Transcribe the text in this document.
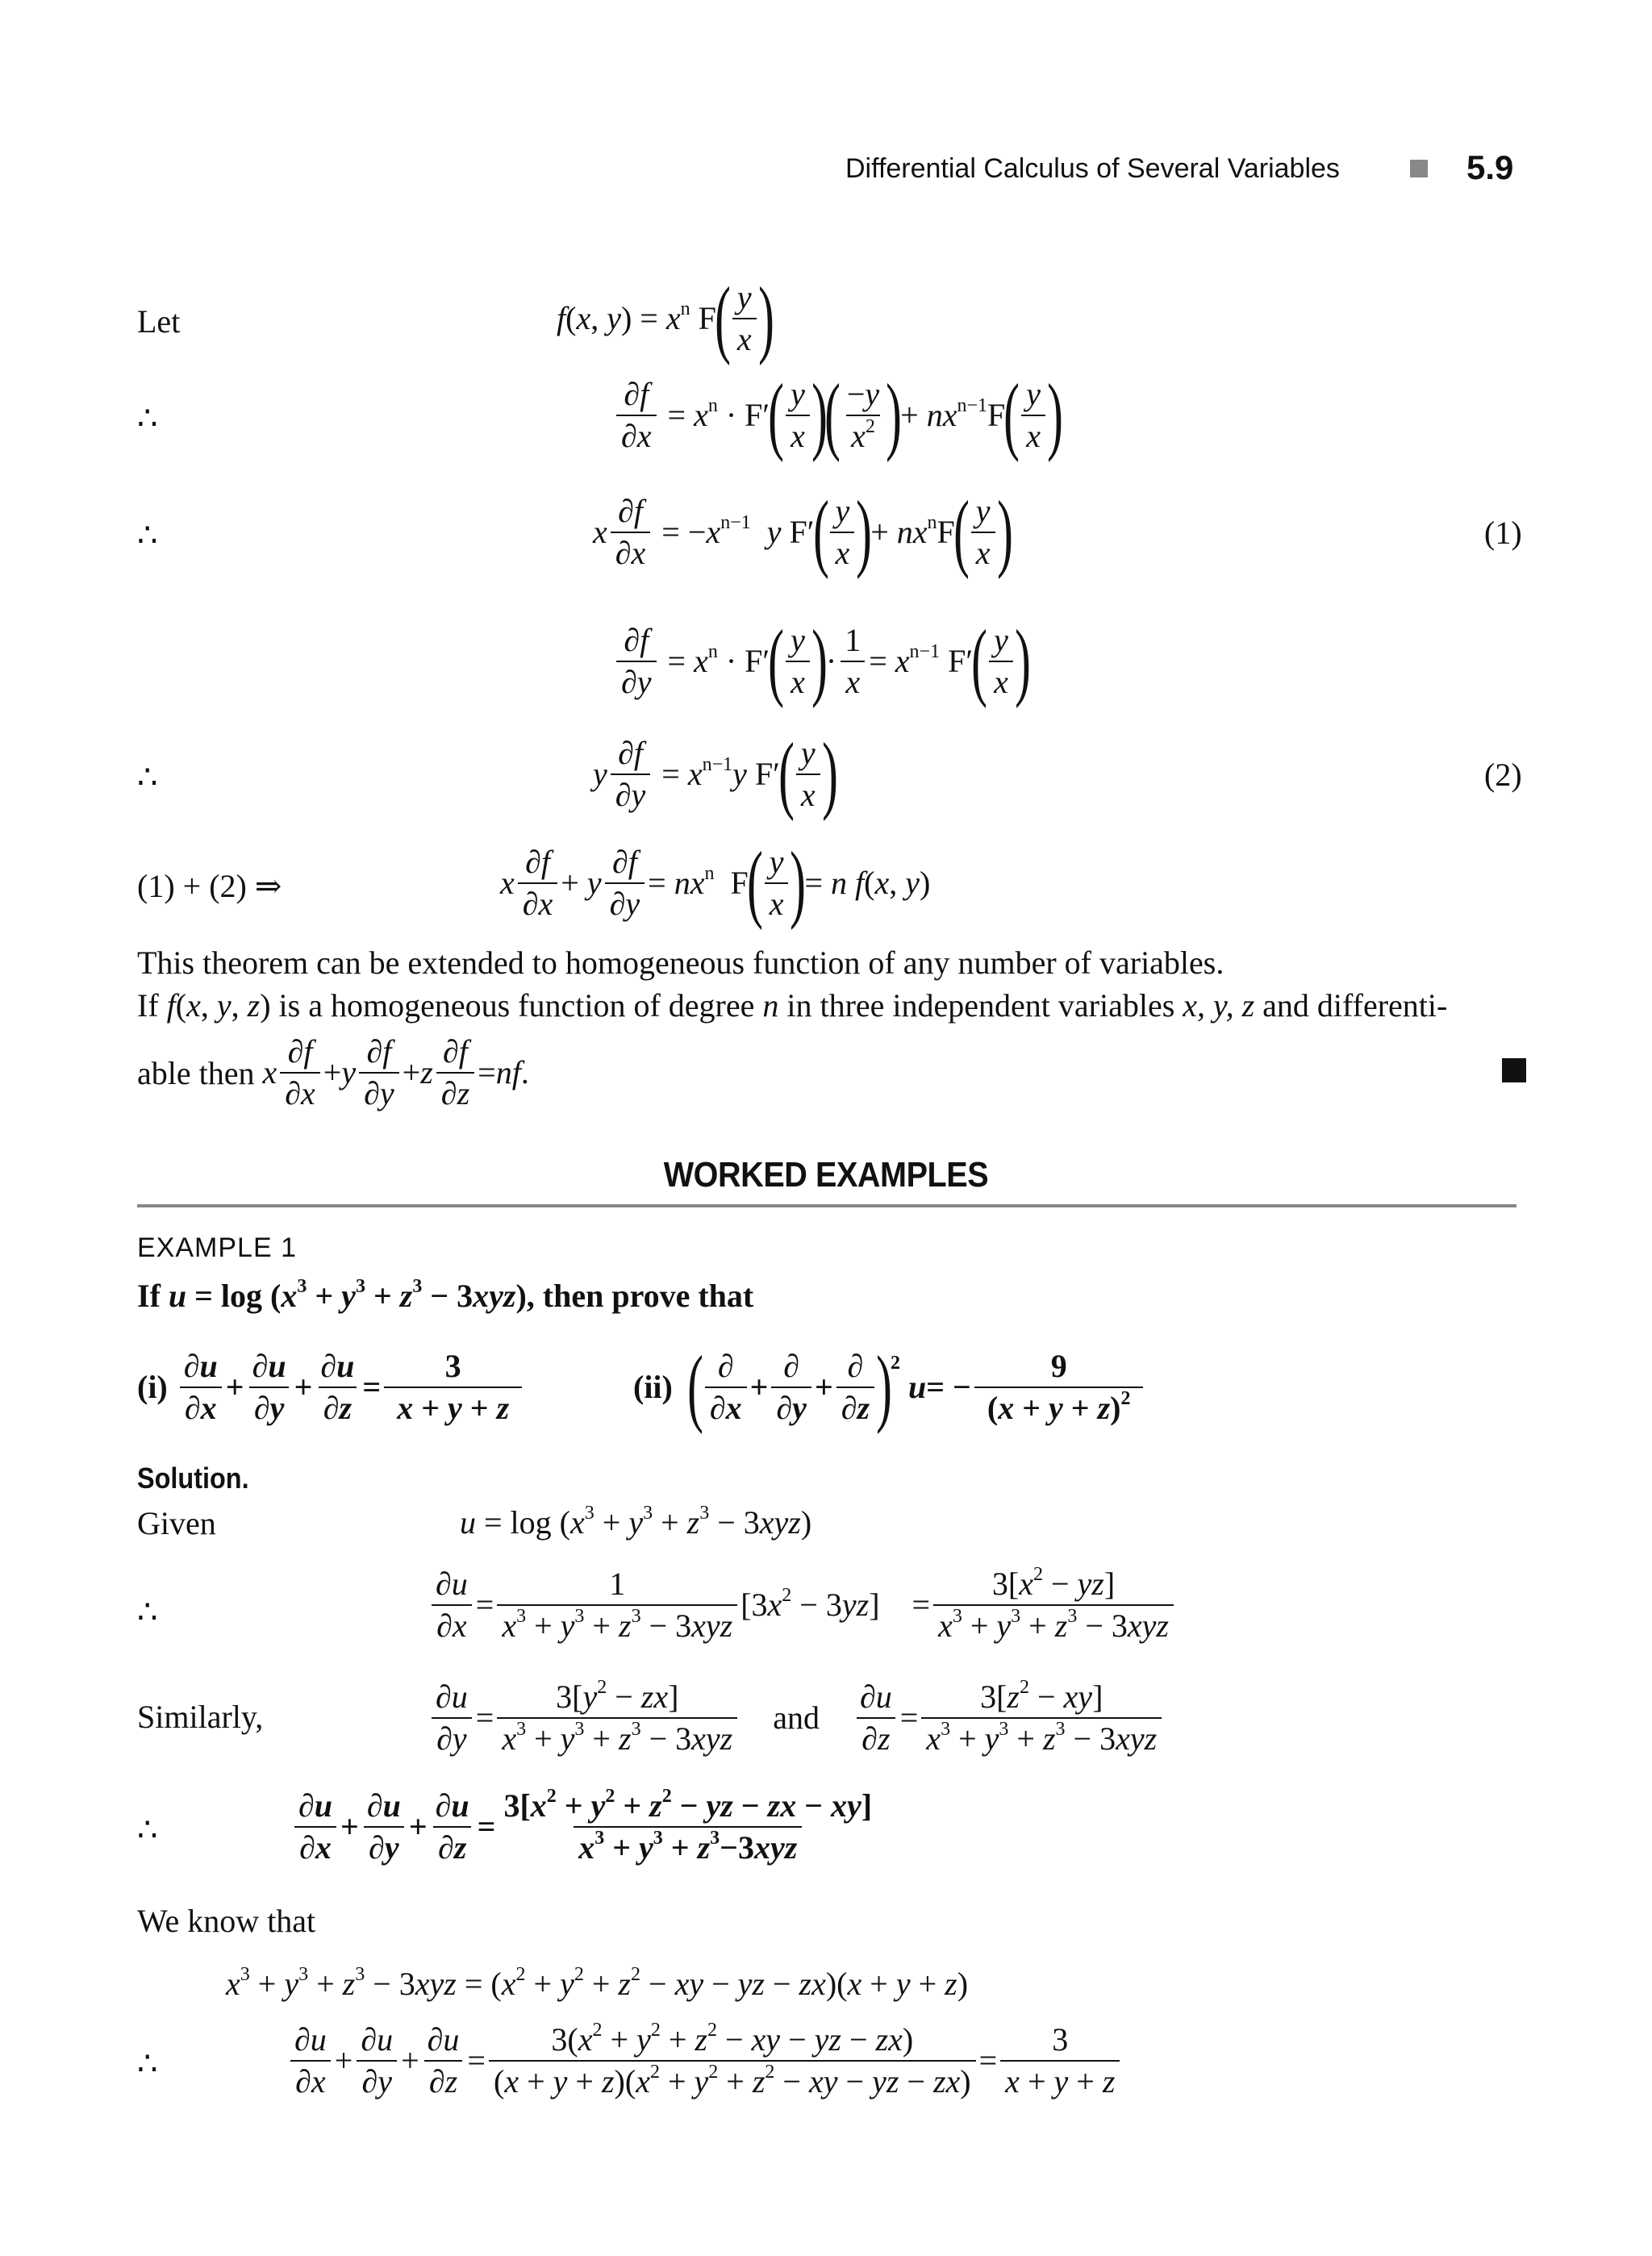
Differential Calculus of Several Variables	5.9
Let	f(x, $y) = x^n$ F
( $\frac{y}{x}$ )
∴	$\frac{\partial f}{\partial x} = x^n \cdot F'$
( $\frac{y}{x}$ )
( $\frac{-y}{x^2}$ )
+ $nx^{n-1}F$
( $\frac{y}{x}$ )
∴	x $\frac{\partial f}{\partial x} = -x^{n-1}$ y F′
( $\frac{y}{x}$ )
+ $nx^nF$
( $\frac{y}{x}$ )	(1)
$\frac{\partial f}{\partial y} = x^n \cdot F'$
( $\frac{y}{x}$ )
· $\frac{1}{x} = x^{n-1}$ F′
( $\frac{y}{x}$ )
∴	y $\frac{\partial f}{\partial y} = x^{n-1}y$ F′
( $\frac{y}{x}$ )	(2)
(1) + (2) ⇒	x $\frac{\partial f}{\partial x} + y \frac{\partial f}{\partial y} = nx^n$  F
( $\frac{y}{x}$ )
= n f(x, y)
This theorem can be extended to homogeneous function of any number of variables.
If f(x, y, z) is a homogeneous function of degree n in three independent variables x, y, z and differenti-
able then
x $\frac{\partial f}{\partial x} + y \frac{\partial f}{\partial y} + z \frac{\partial f}{\partial z}$ = nf .
WORKED EXAMPLES
EXAMPLE 1
If $u = \log (x^3 + y^3 + z^3 - 3xyz)$, then prove that
(i)
$\frac{\partial u}{\partial x} + \frac{\partial u}{\partial y} + \frac{\partial u}{\partial z} = \frac{3}{x + y + z}$	(ii)
( $\frac{\partial}{\partial x} + \frac{\partial}{\partial y} + \frac{\partial}{\partial z}$ )
2

u = − $\frac{9}{(x + y + z)^2}$
Solution.
Given	$u = \log (x^3 + y^3 + z^3 - 3xyz)$
∴	$\frac{\partial u}{\partial x} = \frac{1}{x^3 + y^3 + z^3 - 3xyz} [3x^2 - 3yz]$    = $\frac{3[x^2 - yz]}{x^3 + y^3 + z^3 - 3xyz}$
Similarly,	$\frac{\partial u}{\partial y} = \frac{3[y^2 - zx]}{x^3 + y^3 + z^3 - 3xyz}$ and $\frac{\partial u}{\partial z} = \frac{3[z^2 - xy]}{x^3 + y^3 + z^3 - 3xyz}$
∴	$\frac{\partial u}{\partial x} + \frac{\partial u}{\partial y} + \frac{\partial u}{\partial z} = \frac{3[x^2 + y^2 + z^2 - yz - zx - xy]}{x^3 + y^3 + z^3-3xyz}$
We know that
$x^3 + y^3 + z^3 - 3xyz = (x^2 + y^2 + z^2$ − xy − yz − zx)(x + y + z)
∴	$\frac{\partial u}{\partial x} + \frac{\partial u}{\partial y} + \frac{\partial u}{\partial z} = \frac{3(x^2 + y^2 + z^2 - xy - yz - zx)}{(x + y + z)(x^2 + y^2 + z^2 - xy - yz - zx)} = \frac{3}{x + y + z}$
